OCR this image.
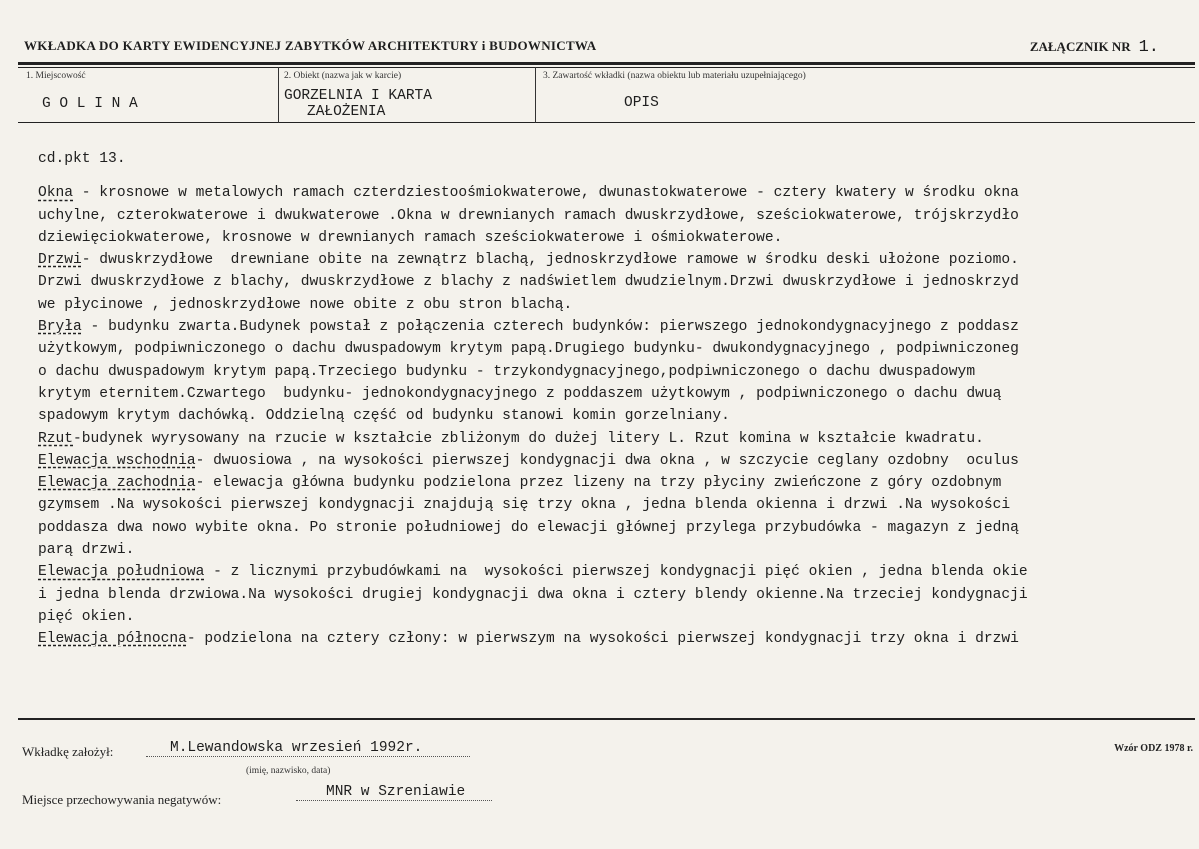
WKŁADKA DO KARTY EWIDENCYJNEJ ZABYTKÓW ARCHITEKTURY i BUDOWNICTWA	ZAŁĄCZNIK NR 1.
1. Miejscowość
G O L I N A
2. Obiekt (nazwa jak w karcie)
GORZELNIA I KARTA
ZAŁOŻENIA
3. Zawartość wkładki (nazwa obiektu lub materiału uzupełniającego)
OPIS
cd.pkt 13.
Okna - krosnowe w metalowych ramach czterdziestoośmiokwaterowe, dwunastokwaterowe - cztery kwatery w środku okna
uchylne, czterokwaterowe i dwukwaterowe .Okna w drewnianych ramach dwuskrzydłowe, sześciokwaterowe, trójskrzydło
dziewięciokwaterowe, krosnowe w drewnianych ramach sześciokwaterowe i ośmiokwaterowe.
Drzwi- dwuskrzydłowe  drewniane obite na zewnątrz blachą, jednoskrzydłowe ramowe w środku deski ułożone poziomo.
Drzwi dwuskrzydłowe z blachy, dwuskrzydłowe z blachy z nadświetlem dwudzielnym.Drzwi dwuskrzydłowe i jednoskrzyd
we płycinowe , jednoskrzydłowe nowe obite z obu stron blachą.
Bryła - budynku zwarta.Budynek powstał z połączenia czterech budynków: pierwszego jednokondygnacyjnego z poddasz
użytkowym, podpiwniczonego o dachu dwuspadowym krytym papą.Drugiego budynku- dwukondygnacyjnego , podpiwniczoneg
o dachu dwuspadowym krytym papą.Trzeciego budynku - trzykondygnacyjnego,podpiwniczonego o dachu dwuspadowym
krytym eternitem.Czwartego  budynku- jednokondygnacyjnego z poddaszem użytkowym , podpiwniczonego o dachu dwuą
spadowym krytym dachówką. Oddzielną część od budynku stanowi komin gorzelniany.
Rzut-budynek wyrysowany na rzucie w kształcie zbliżonym do dużej litery L. Rzut komina w kształcie kwadratu.
Elewacja wschodnia- dwuosiowa , na wysokości pierwszej kondygnacji dwa okna , w szczycie ceglany ozdobny  oculus
Elewacja zachodnia- elewacja główna budynku podzielona przez lizeny na trzy płyciny zwieńczone z góry ozdobnym
gzymsem .Na wysokości pierwszej kondygnacji znajdują się trzy okna , jedna blenda okienna i drzwi .Na wysokości
poddasza dwa nowo wybite okna. Po stronie południowej do elewacji głównej przylega przybudówka - magazyn z jedną
parą drzwi.
Elewacja południowa - z licznymi przybudówkami na  wysokości pierwszej kondygnacji pięć okien , jedna blenda okie
i jedna blenda drzwiowa.Na wysokości drugiej kondygnacji dwa okna i cztery blendy okienne.Na trzeciej kondygnacji
pięć okien.
Elewacja północna- podzielona na cztery człony: w pierwszym na wysokości pierwszej kondygnacji trzy okna i drzwi
Wkładkę założył:	M.Lewandowska wrzesień 1992r.
(imię, nazwisko, data)
Wzór ODZ 1978 r.
Miejsce przechowywania negatywów:	MNR w Szreniawie
